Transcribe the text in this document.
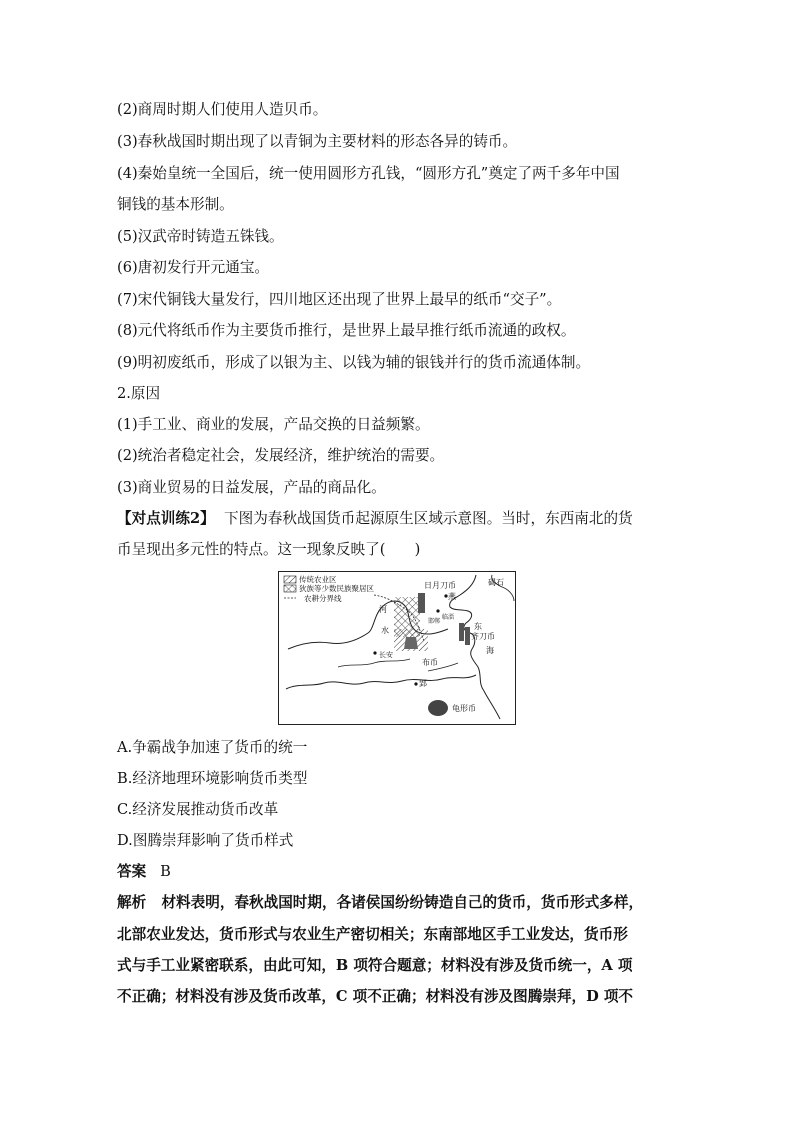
(2)商周时期人们使用人造贝币。
(3)春秋战国时期出现了以青铜为主要材料的形态各异的铸币。
(4)秦始皇统一全国后，统一使用圆形方孔钱，“圆形方孔”奠定了两千多年中国
铜钱的基本形制。
(5)汉武帝时铸造五铢钱。
(6)唐初发行开元通宝。
(7)宋代铜钱大量发行，四川地区还出现了世界上最早的纸币“交子”。
(8)元代将纸币作为主要货币推行，是世界上最早推行纸币流通的政权。
(9)明初废纸币，形成了以银为主、以钱为辅的银钱并行的货币流通体制。
2.原因
(1)手工业、商业的发展，产品交换的日益频繁。
(2)统治者稳定社会，发展经济，维护统治的需要。
(3)商业贸易的日益发展，产品的商品化。
【对点训练2】 下图为春秋战国货币起源原生区域示意图。当时，东西南北的货
币呈现出多元性的特点。这一现象反映了(　　)
传统农业区
狄族等少数民族聚居区
农耕分界线
日月刀币	碣石
燕
河
邯郸
临淄
东
齐刀币
水
海
长安
布币
郢
龟形币
A.争霸战争加速了货币的统一
B.经济地理环境影响货币类型
C.经济发展推动货币改革
D.图腾崇拜影响了货币样式
答案 B
解析 材料表明，春秋战国时期，各诸侯国纷纷铸造自己的货币，货币形式多样，
北部农业发达，货币形式与农业生产密切相关；东南部地区手工业发达，货币形
式与手工业紧密联系，由此可知，B 项符合题意；材料没有涉及货币统一，A 项
不正确；材料没有涉及货币改革，C 项不正确；材料没有涉及图腾崇拜，D 项不
